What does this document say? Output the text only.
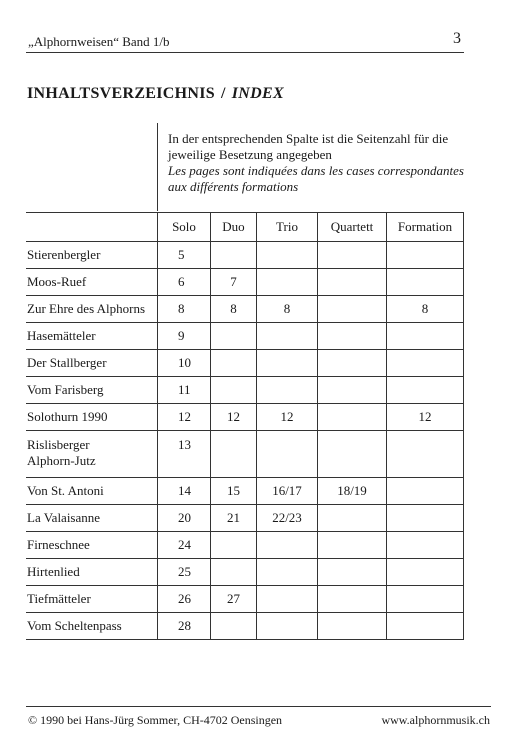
„Alphornweisen“ Band 1/b	3
INHALTSVERZEICHNIS / INDEX
In der entsprechenden Spalte ist die Seitenzahl für die
jeweilige Besetzung angegeben
Les pages sont indiquées dans les cases correspondantes
aux différents formations
	Solo	Duo	Trio	Quartett	Formation

Stierenbergler	5				

Moos-Ruef	6	7			

Zur Ehre des Alphorns	8	8	8		8

Hasemätteler	9				

Der Stallberger	10				

Vom Farisberg	11				

Solothurn 1990	12	12	12		12

Rislisberger
Alphorn-Jutz	13				

Von St. Antoni	14	15	16/17	18/19	

La Valaisanne	20	21	22/23		

Firneschnee	24				

Hirtenlied	25				

Tiefmätteler	26	27			

Vom Scheltenpass	28				
© 1990 bei Hans-Jürg Sommer, CH-4702 Oensingen	www.alphornmusik.ch
